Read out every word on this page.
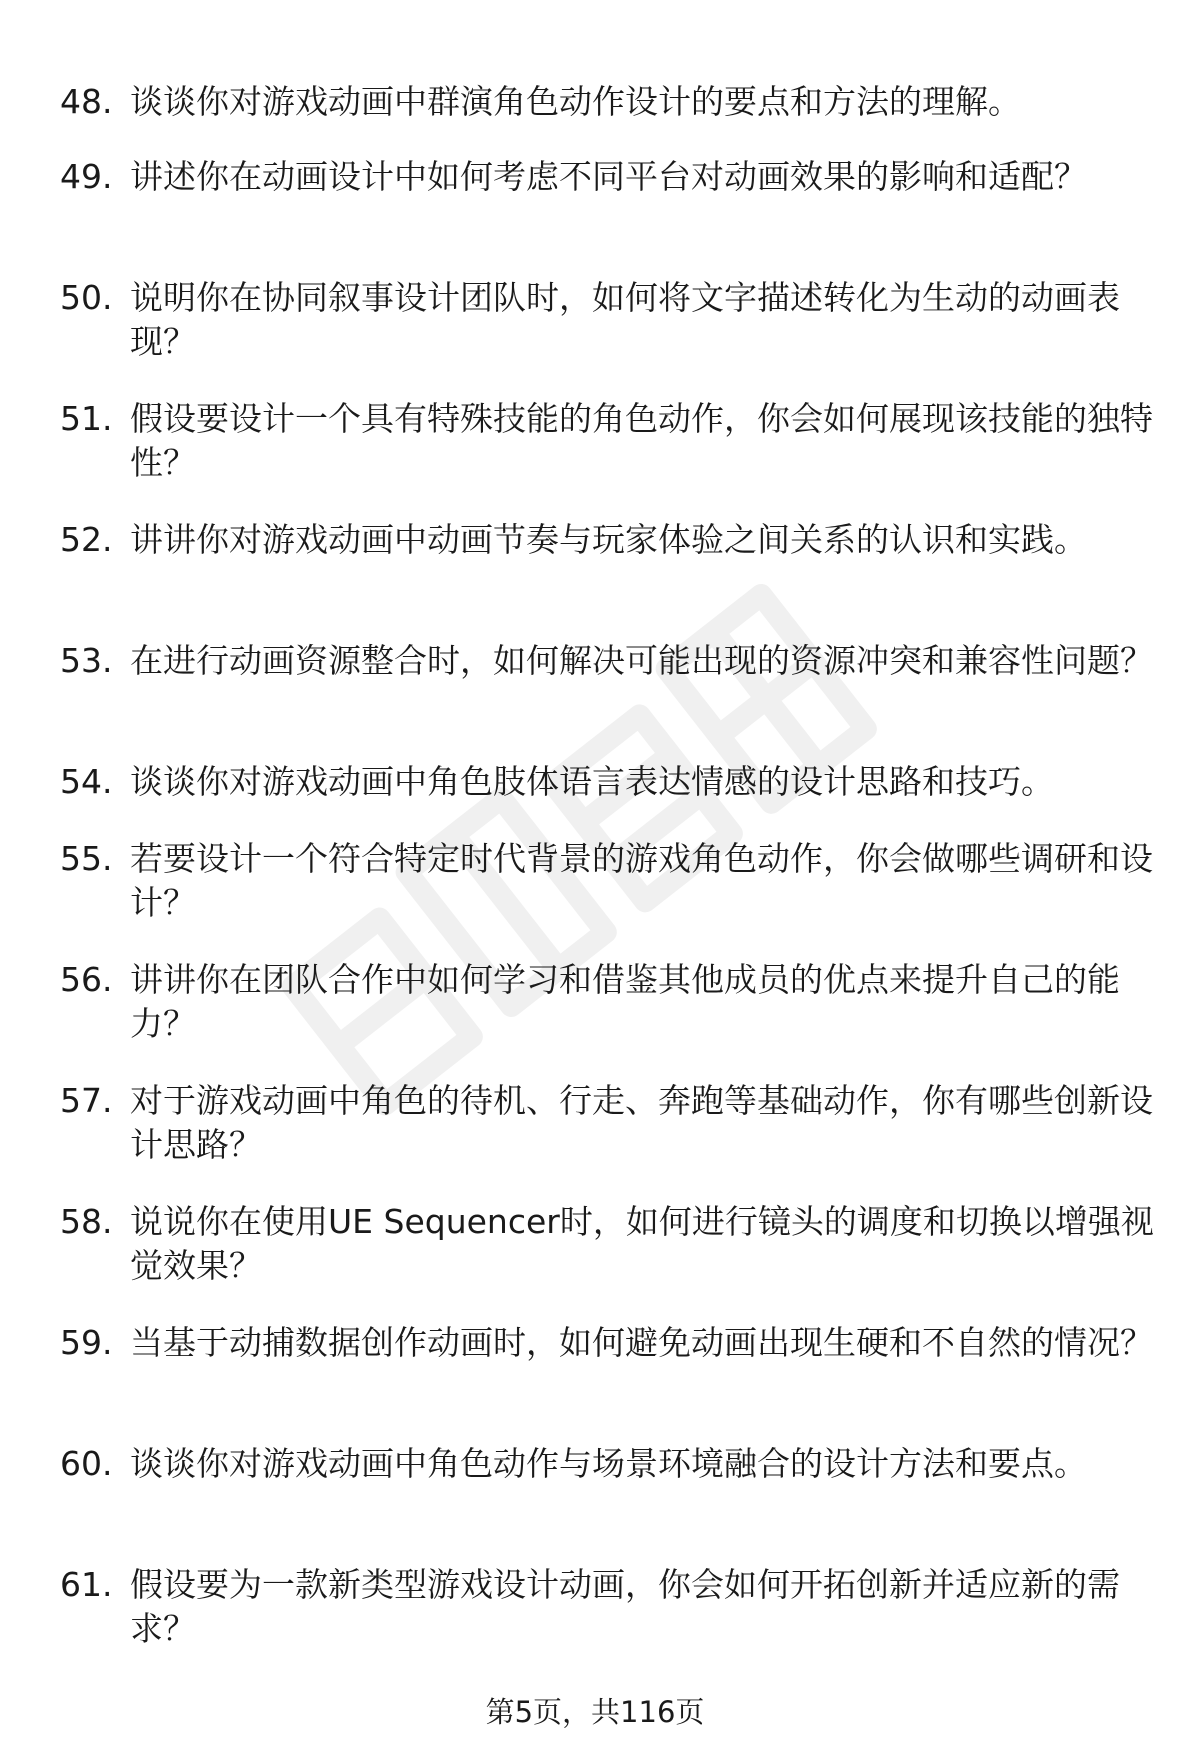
48. 谈谈你对游戏动画中群演角色动作设计的要点和方法的理解。
49. 讲述你在动画设计中如何考虑不同平台对动画效果的影响和适配？
50. 说明你在协同叙事设计团队时，如何将文字描述转化为生动的动画表现？
51. 假设要设计一个具有特殊技能的角色动作，你会如何展现该技能的独特性？
52. 讲讲你对游戏动画中动画节奏与玩家体验之间关系的认识和实践。
53. 在进行动画资源整合时，如何解决可能出现的资源冲突和兼容性问题？
54. 谈谈你对游戏动画中角色肢体语言表达情感的设计思路和技巧。
55. 若要设计一个符合特定时代背景的游戏角色动作，你会做哪些调研和设计？
56. 讲讲你在团队合作中如何学习和借鉴其他成员的优点来提升自己的能力？
57. 对于游戏动画中角色的待机、行走、奔跑等基础动作，你有哪些创新设计思路？
58. 说说你在使用UE Sequencer时，如何进行镜头的调度和切换以增强视觉效果？
59. 当基于动捕数据创作动画时，如何避免动画出现生硬和不自然的情况？
60. 谈谈你对游戏动画中角色动作与场景环境融合的设计方法和要点。
61. 假设要为一款新类型游戏设计动画，你会如何开拓创新并适应新的需求？
第5页，共116页
